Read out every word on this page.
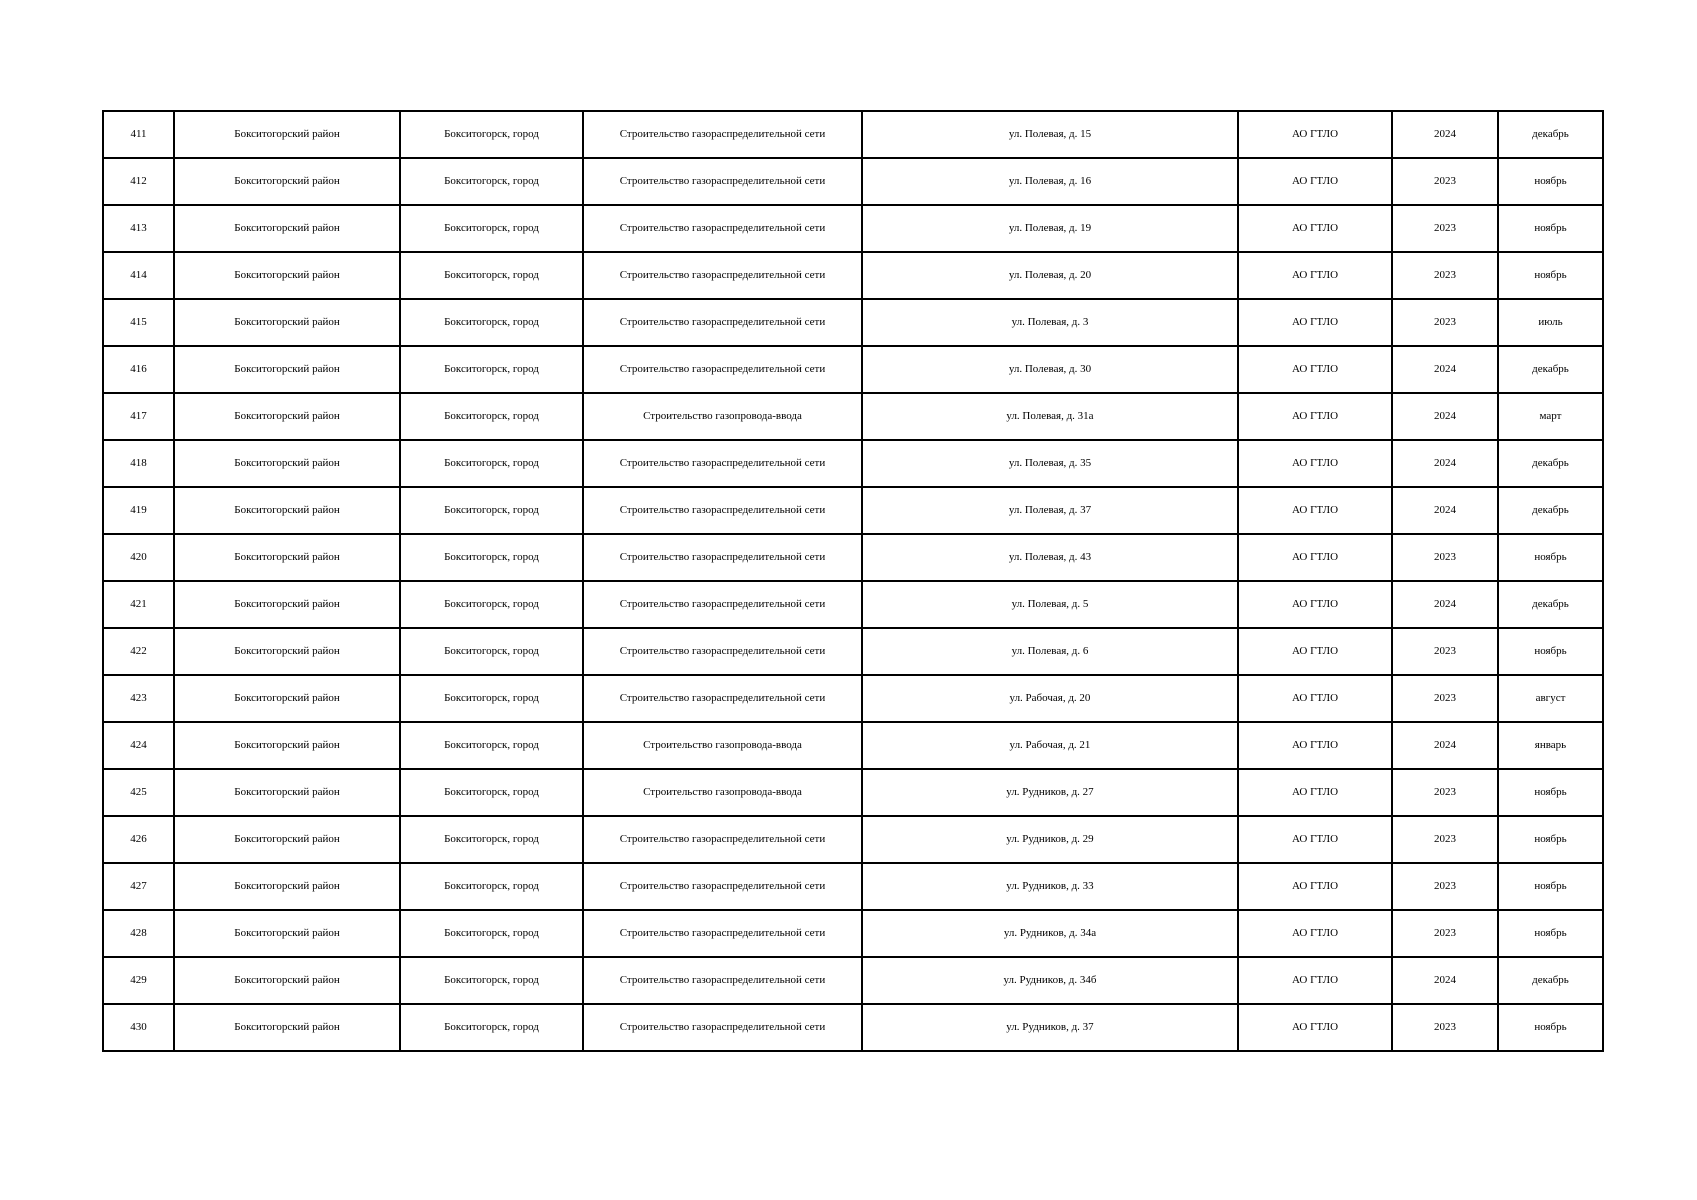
411	Бокситогорский район	Бокситогорск, город	Строительство газораспределительной сети	ул. Полевая, д. 15	АО ГТЛО	2024	декабрь
412	Бокситогорский район	Бокситогорск, город	Строительство газораспределительной сети	ул. Полевая, д. 16	АО ГТЛО	2023	ноябрь
413	Бокситогорский район	Бокситогорск, город	Строительство газораспределительной сети	ул. Полевая, д. 19	АО ГТЛО	2023	ноябрь
414	Бокситогорский район	Бокситогорск, город	Строительство газораспределительной сети	ул. Полевая, д. 20	АО ГТЛО	2023	ноябрь
415	Бокситогорский район	Бокситогорск, город	Строительство газораспределительной сети	ул. Полевая, д. 3	АО ГТЛО	2023	июль
416	Бокситогорский район	Бокситогорск, город	Строительство газораспределительной сети	ул. Полевая, д. 30	АО ГТЛО	2024	декабрь
417	Бокситогорский район	Бокситогорск, город	Строительство газопровода-ввода	ул. Полевая, д. 31а	АО ГТЛО	2024	март
418	Бокситогорский район	Бокситогорск, город	Строительство газораспределительной сети	ул. Полевая, д. 35	АО ГТЛО	2024	декабрь
419	Бокситогорский район	Бокситогорск, город	Строительство газораспределительной сети	ул. Полевая, д. 37	АО ГТЛО	2024	декабрь
420	Бокситогорский район	Бокситогорск, город	Строительство газораспределительной сети	ул. Полевая, д. 43	АО ГТЛО	2023	ноябрь
421	Бокситогорский район	Бокситогорск, город	Строительство газораспределительной сети	ул. Полевая, д. 5	АО ГТЛО	2024	декабрь
422	Бокситогорский район	Бокситогорск, город	Строительство газораспределительной сети	ул. Полевая, д. 6	АО ГТЛО	2023	ноябрь
423	Бокситогорский район	Бокситогорск, город	Строительство газораспределительной сети	ул. Рабочая, д. 20	АО ГТЛО	2023	август
424	Бокситогорский район	Бокситогорск, город	Строительство газопровода-ввода	ул. Рабочая, д. 21	АО ГТЛО	2024	январь
425	Бокситогорский район	Бокситогорск, город	Строительство газопровода-ввода	ул. Рудников, д. 27	АО ГТЛО	2023	ноябрь
426	Бокситогорский район	Бокситогорск, город	Строительство газораспределительной сети	ул. Рудников, д. 29	АО ГТЛО	2023	ноябрь
427	Бокситогорский район	Бокситогорск, город	Строительство газораспределительной сети	ул. Рудников, д. 33	АО ГТЛО	2023	ноябрь
428	Бокситогорский район	Бокситогорск, город	Строительство газораспределительной сети	ул. Рудников, д. 34а	АО ГТЛО	2023	ноябрь
429	Бокситогорский район	Бокситогорск, город	Строительство газораспределительной сети	ул. Рудников, д. 34б	АО ГТЛО	2024	декабрь
430	Бокситогорский район	Бокситогорск, город	Строительство газораспределительной сети	ул. Рудников, д. 37	АО ГТЛО	2023	ноябрь
